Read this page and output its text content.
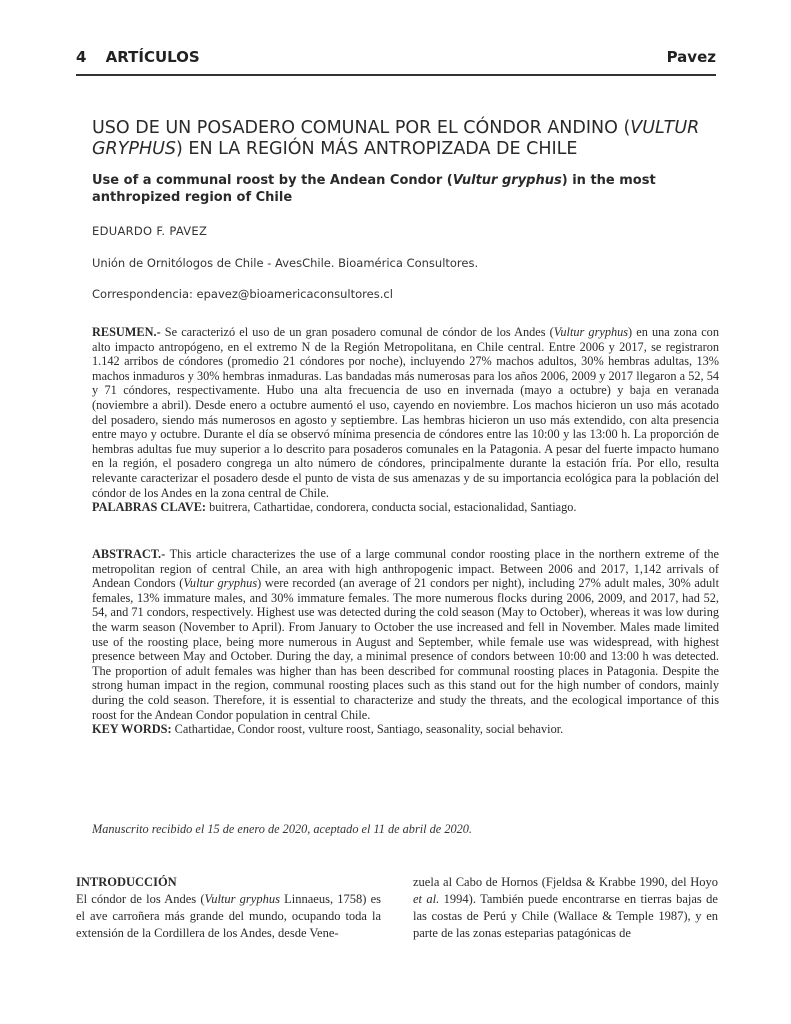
4 ARTÍCULOS	Pavez
USO DE UN POSADERO COMUNAL POR EL CÓNDOR ANDINO (VULTUR GRYPHUS) EN LA REGIÓN MÁS ANTROPIZADA DE CHILE
Use of a communal roost by the Andean Condor (Vultur gryphus) in the most anthropized region of Chile
EDUARDO F. PAVEZ
Unión de Ornitólogos de Chile - AvesChile. Bioamérica Consultores.
Correspondencia: epavez@bioamericaconsultores.cl

RESUMEN.- Se caracterizó el uso de un gran posadero comunal de cóndor de los Andes (Vultur gryphus) en una zona con alto impacto antropógeno, en el extremo N de la Región Metropolitana, en Chile central. Entre 2006 y 2017, se registraron 1.142 arribos de cóndores (promedio 21 cóndores por noche), incluyendo 27% machos adultos, 30% hembras adultas, 13% machos inmaduros y 30% hembras inmaduras. Las bandadas más numerosas para los años 2006, 2009 y 2017 llegaron a 52, 54 y 71 cóndores, respectivamente. Hubo una alta frecuencia de uso en invernada (mayo a octubre) y baja en veranada (noviembre a abril). Desde enero a octubre aumentó el uso, cayendo en noviembre. Los machos hicieron un uso más acotado del posadero, siendo más numerosos en agosto y septiembre. Las hembras hicieron un uso más extendido, con alta presencia entre mayo y octubre. Durante el día se observó mínima presencia de cóndores entre las 10:00 y las 13:00 h. La proporción de hembras adultas fue muy superior a lo descrito para posaderos comunales en la Patagonia. A pesar del fuerte impacto humano en la región, el posadero congrega un alto número de cóndores, principalmente durante la estación fría. Por ello, resulta relevante caracterizar el posadero desde el punto de vista de sus amenazas y de su importancia ecológica para la población del cóndor de los Andes en la zona central de Chile.

PALABRAS CLAVE: buitrera, Cathartidae, condorera, conducta social, estacionalidad, Santiago.

ABSTRACT.- This article characterizes the use of a large communal condor roosting place in the northern extreme of the metropolitan region of central Chile, an area with high anthropogenic impact. Between 2006 and 2017, 1,142 arrivals of Andean Condors (Vultur gryphus) were recorded (an average of 21 condors per night), including 27% adult males, 30% adult females, 13% immature males, and 30% immature females. The more numerous flocks during 2006, 2009, and 2017, had 52, 54, and 71 condors, respectively. Highest use was detected during the cold season (May to October), whereas it was low during the warm season (November to April). From January to October the use increased and fell in November. Males made limited use of the roosting place, being more numerous in August and September, while female use was widespread, with highest presence between May and October. During the day, a minimal presence of condors between 10:00 and 13:00 h was detected. The proportion of adult females was higher than has been described for communal roosting places in Patagonia. Despite the strong human impact in the region, communal roosting places such as this stand out for the high number of condors, mainly during the cold season. Therefore, it is essential to characterize and study the threats, and the ecological importance of this roost for the Andean Condor population in central Chile.

KEY WORDS: Cathartidae, Condor roost, vulture roost, Santiago, seasonality, social behavior.

Manuscrito recibido el 15 de enero de 2020, aceptado el 11 de abril de 2020.
INTRODUCCIÓN

El cóndor de los Andes (Vultur gryphus Linnaeus, 1758) es el ave carroñera más grande del mundo, ocupando toda la extensión de la Cordillera de los Andes, desde Vene-

zuela al Cabo de Hornos (Fjeldsa & Krabbe 1990, del Hoyo et al. 1994). También puede encontrarse en tierras bajas de las costas de Perú y Chile (Wallace & Temple 1987), y en parte de las zonas esteparias patagónicas de
